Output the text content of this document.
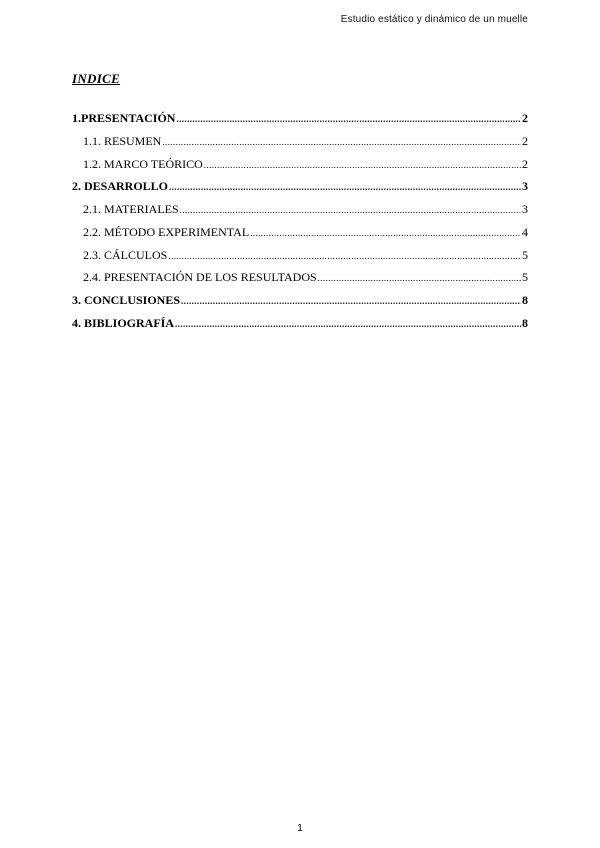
Estudio estático y dinámico de un muelle
INDICE
1.PRESENTACIÓN .....	2
1.1. RESUMEN .....	2
1.2. MARCO TEÓRICO .....	2
2. DESARROLLO .....	3
2.1. MATERIALES .....	3
2.2. MÉTODO EXPERIMENTAL .....	4
2.3. CÁLCULOS .....	5
2.4. PRESENTACIÓN DE LOS RESULTADOS .....	5
3. CONCLUSIONES .....	8
4. BIBLIOGRAFÍA .....	8
1
